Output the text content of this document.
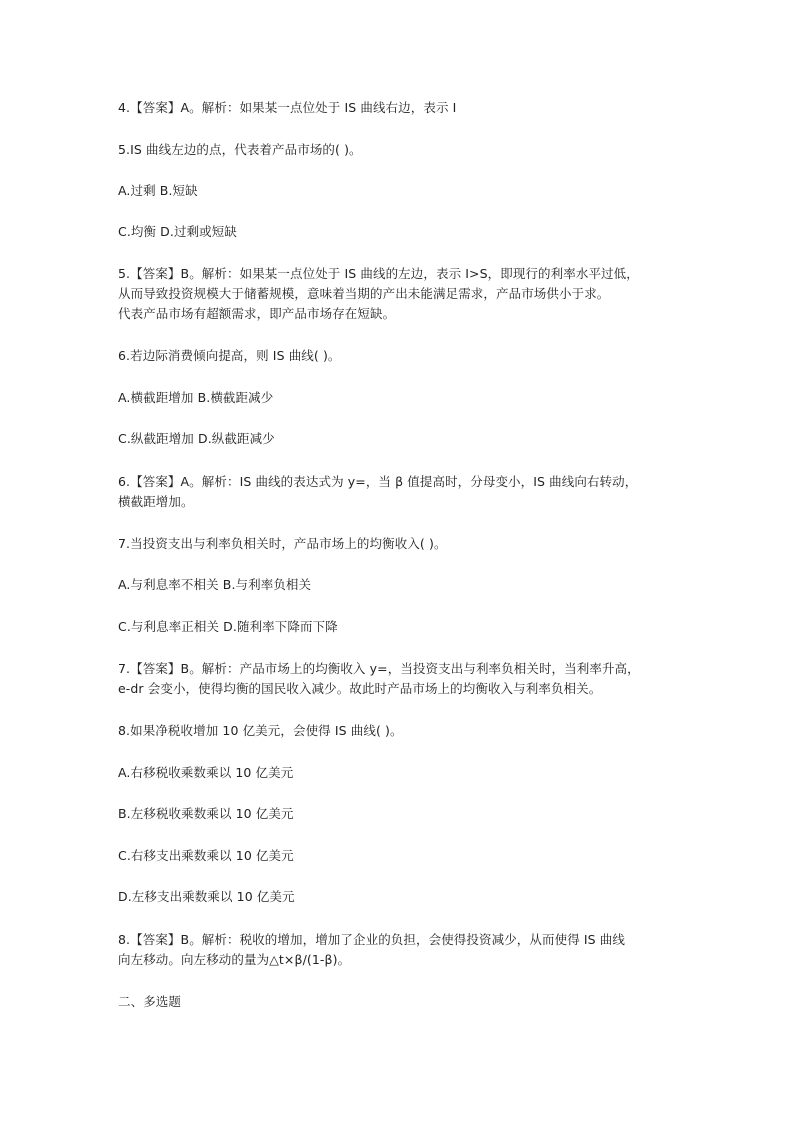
4.【答案】A。解析：如果某一点位处于 IS 曲线右边，表示 I
5.IS 曲线左边的点，代表着产品市场的( )。
A.过剩 B.短缺
C.均衡 D.过剩或短缺
5.【答案】B。解析：如果某一点位处于 IS 曲线的左边，表示 I>S，即现行的利率水平过低，
从而导致投资规模大于储蓄规模，意味着当期的产出未能满足需求，产品市场供小于求。
代表产品市场有超额需求，即产品市场存在短缺。
6.若边际消费倾向提高，则 IS 曲线( )。
A.横截距增加 B.横截距减少
C.纵截距增加 D.纵截距减少
6.【答案】A。解析：IS 曲线的表达式为 y=，当 β 值提高时，分母变小，IS 曲线向右转动，
横截距增加。
7.当投资支出与利率负相关时，产品市场上的均衡收入( )。
A.与利息率不相关 B.与利率负相关
C.与利息率正相关 D.随利率下降而下降
7.【答案】B。解析：产品市场上的均衡收入 y=，当投资支出与利率负相关时，当利率升高，
e-dr 会变小，使得均衡的国民收入减少。故此时产品市场上的均衡收入与利率负相关。
8.如果净税收增加 10 亿美元，会使得 IS 曲线( )。
A.右移税收乘数乘以 10 亿美元
B.左移税收乘数乘以 10 亿美元
C.右移支出乘数乘以 10 亿美元
D.左移支出乘数乘以 10 亿美元
8.【答案】B。解析：税收的增加，增加了企业的负担，会使得投资减少，从而使得 IS 曲线
向左移动。向左移动的量为△t×β/(1-β)。
二、多选题
